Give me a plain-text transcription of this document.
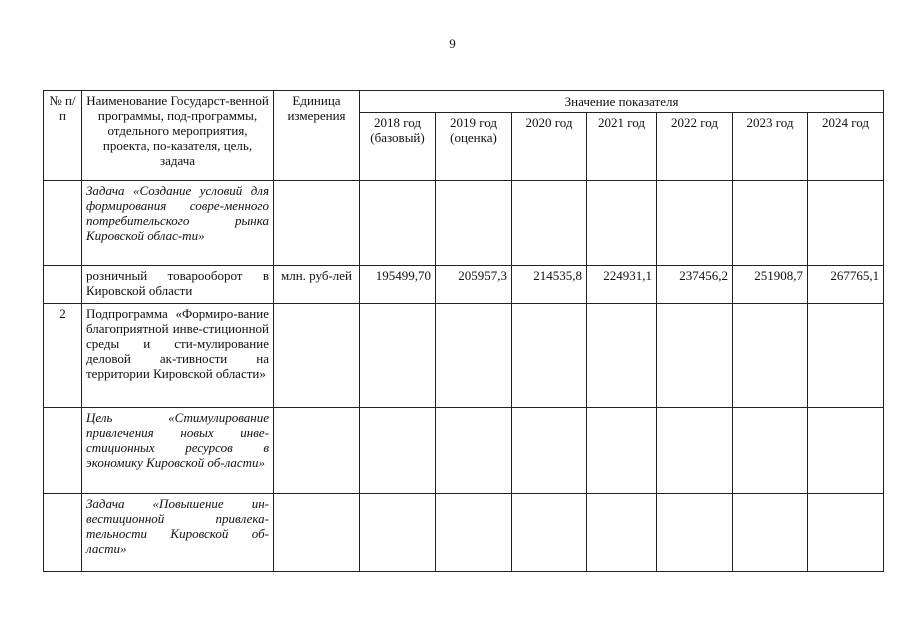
9
№ п/п	Наименование Государст-венной программы, под-программы, отдельного мероприятия, проекта, по-казателя, цель, задача	Единица измерения	Значение показателя						
			2018 год (базовый)	2019 год (оценка)	2020 год	2021 год	2022 год	2023 год	2024 год
	Задача «Создание условий для формирования совре-менного потребительского рынка Кировской облас-ти»								
	розничный товарооборот в Кировской области	млн. руб-лей	195499,70	205957,3	214535,8	224931,1	237456,2	251908,7	267765,1
2	Подпрограмма «Формиро-вание благоприятной инве-стиционной среды и сти-мулирование деловой ак-тивности на территории Кировской области»								
	Цель «Стимулирование привлечения новых инве-стиционных ресурсов в экономику Кировской об-ласти»								
	Задача «Повышение ин-вестиционной привлека-тельности Кировской об-ласти»								
